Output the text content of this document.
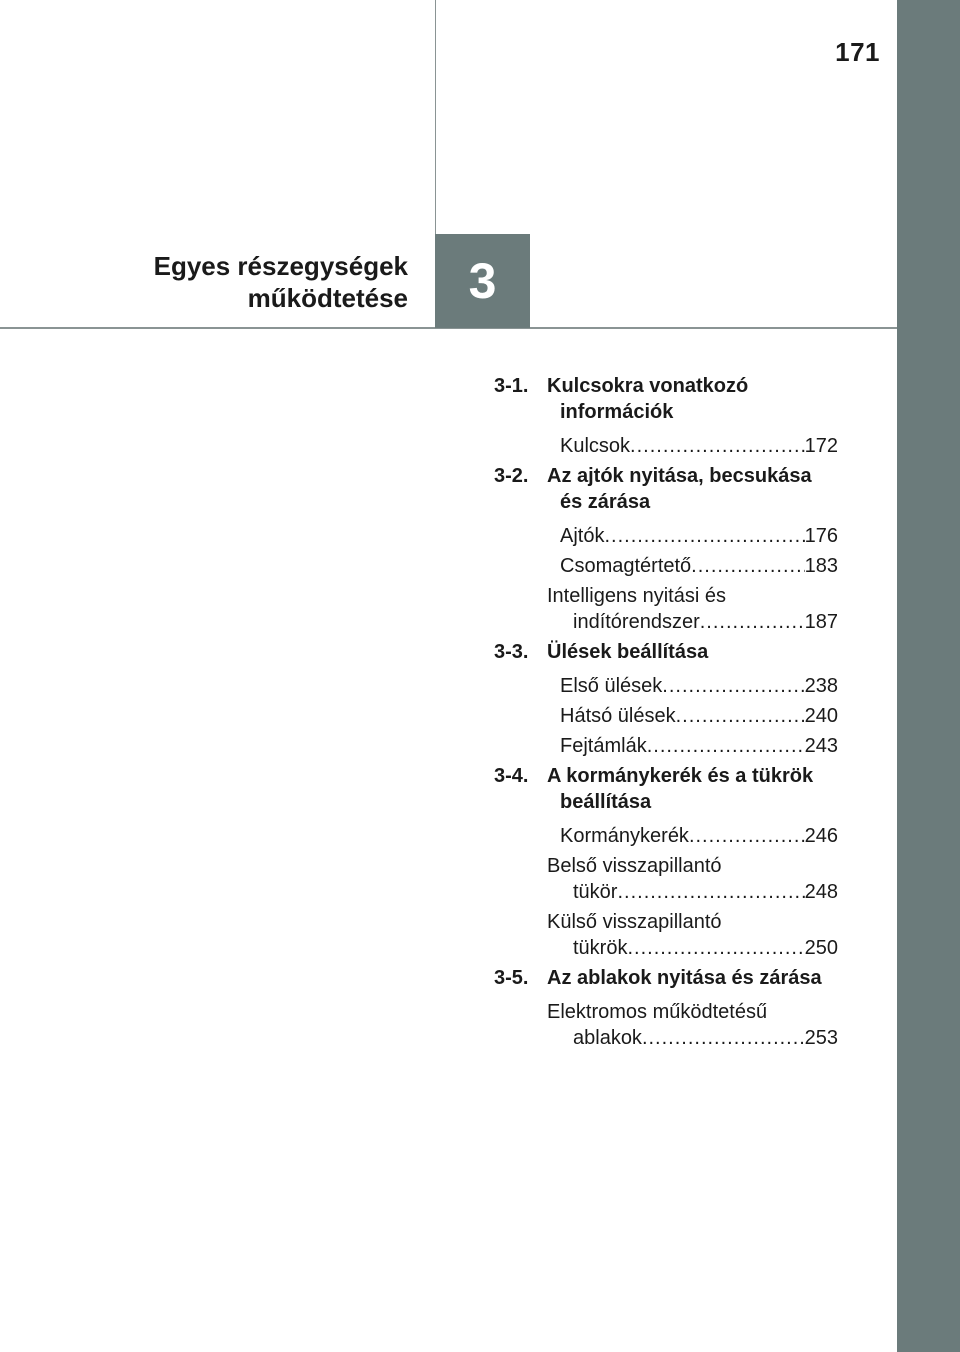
171
Egyes részegységek
működtetése 3
3-1. Kulcsokra vonatkozó információk
Kulcsok .....	172
3-2. Az ajtók nyitása, becsukása és zárása
Ajtók .....	176
Csomagtértető .....	183
Intelligens nyitási és
indítórendszer .....	187
3-3. Ülések beállítása
Első ülések .....	238
Hátsó ülések .....	240
Fejtámlák .....	243
3-4. A kormánykerék és a tükrök beállítása
Kormánykerék .....	246
Belső visszapillantó
tükör .....	248
Külső visszapillantó
tükrök .....	250
3-5. Az ablakok nyitása és zárása
Elektromos működtetésű
ablakok .....	253
